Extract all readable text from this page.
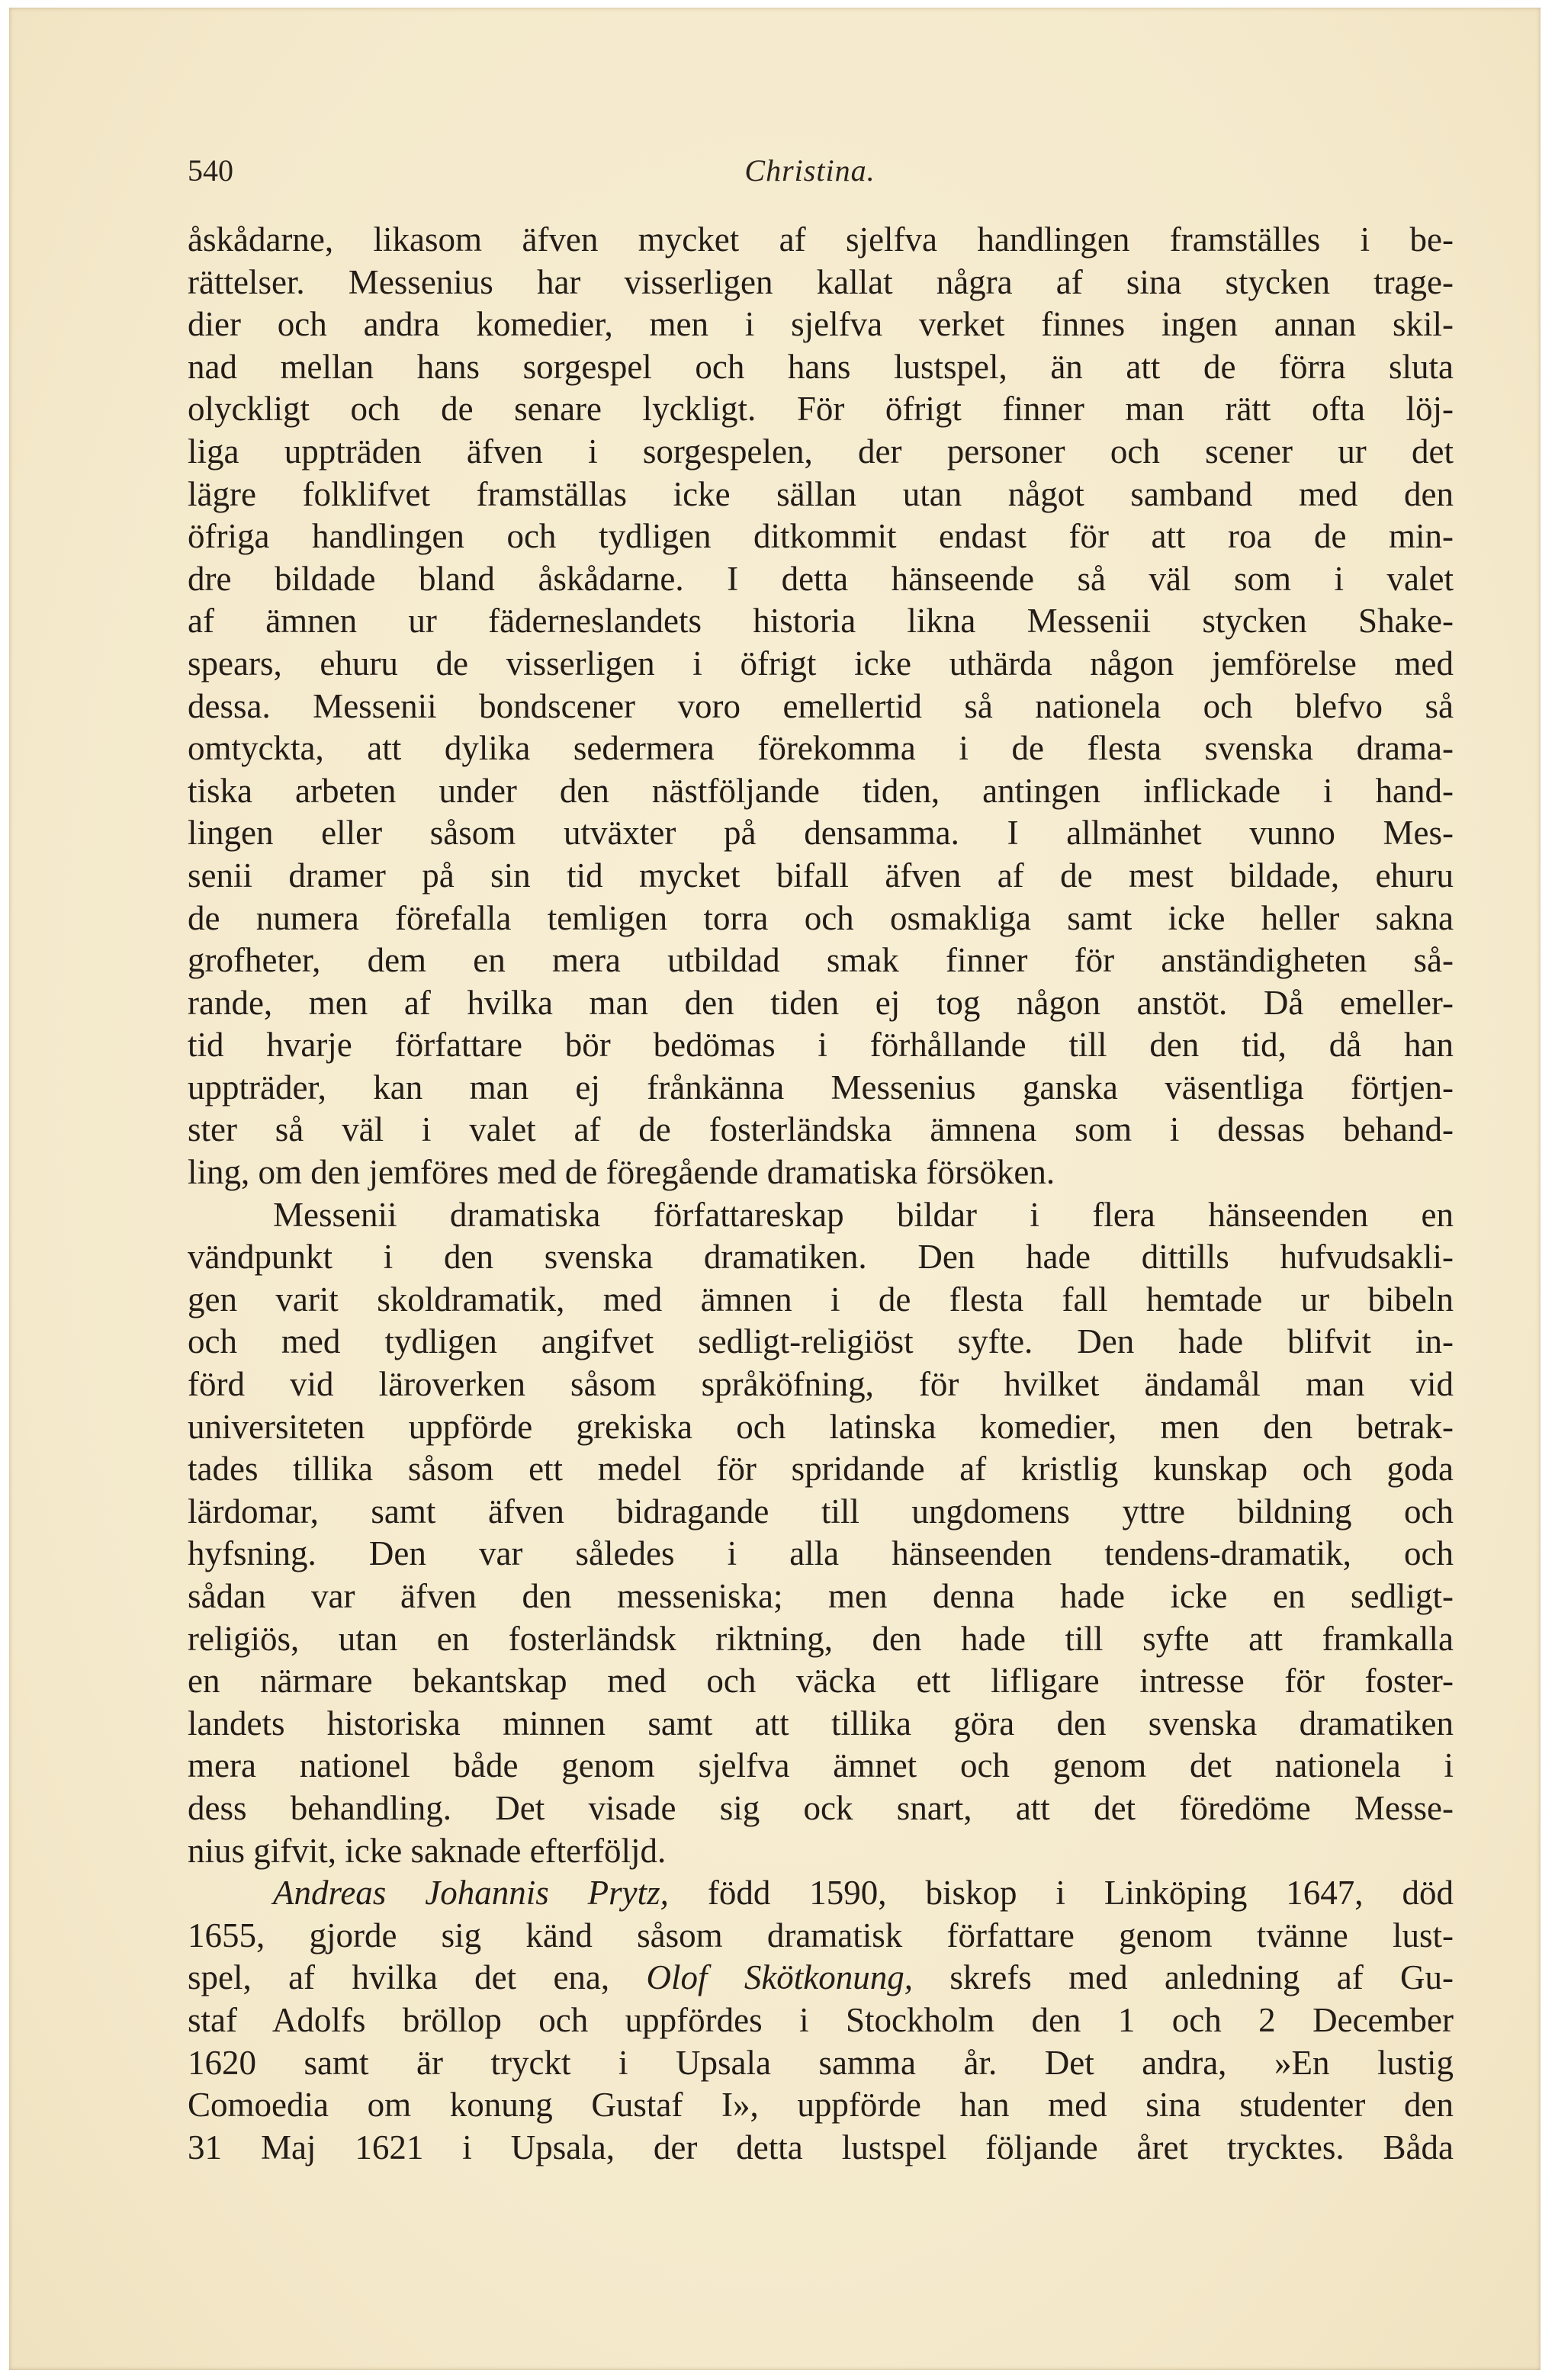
540	Christina.
åskådarne, likasom äfven mycket af sjelfva handlingen framställes i be-
rättelser. Messenius har visserligen kallat några af sina stycken trage-
dier och andra komedier, men i sjelfva verket finnes ingen annan skil-
nad mellan hans sorgespel och hans lustspel, än att de förra sluta
olyckligt och de senare lyckligt. För öfrigt finner man rätt ofta löj-
liga uppträden äfven i sorgespelen, der personer och scener ur det
lägre folklifvet framställas icke sällan utan något samband med den
öfriga handlingen och tydligen ditkommit endast för att roa de min-
dre bildade bland åskådarne. I detta hänseende så väl som i valet
af ämnen ur fäderneslandets historia likna Messenii stycken Shake-
spears, ehuru de visserligen i öfrigt icke uthärda någon jemförelse med
dessa. Messenii bondscener voro emellertid så nationela och blefvo så
omtyckta, att dylika sedermera förekomma i de flesta svenska drama-
tiska arbeten under den nästföljande tiden, antingen inflickade i hand-
lingen eller såsom utväxter på densamma. I allmänhet vunno Mes-
senii dramer på sin tid mycket bifall äfven af de mest bildade, ehuru
de numera förefalla temligen torra och osmakliga samt icke heller sakna
grofheter, dem en mera utbildad smak finner för anständigheten så-
rande, men af hvilka man den tiden ej tog någon anstöt. Då emeller-
tid hvarje författare bör bedömas i förhållande till den tid, då han
uppträder, kan man ej frånkänna Messenius ganska väsentliga förtjen-
ster så väl i valet af de fosterländska ämnena som i dessas behand-
ling, om den jemföres med de föregående dramatiska försöken.
Messenii dramatiska författareskap bildar i flera hänseenden en
vändpunkt i den svenska dramatiken. Den hade dittills hufvudsakli-
gen varit skoldramatik, med ämnen i de flesta fall hemtade ur bibeln
och med tydligen angifvet sedligt-religiöst syfte. Den hade blifvit in-
förd vid läroverken såsom språköfning, för hvilket ändamål man vid
universiteten uppförde grekiska och latinska komedier, men den betrak-
tades tillika såsom ett medel för spridande af kristlig kunskap och goda
lärdomar, samt äfven bidragande till ungdomens yttre bildning och
hyfsning. Den var således i alla hänseenden tendens-dramatik, och
sådan var äfven den messeniska; men denna hade icke en sedligt-
religiös, utan en fosterländsk riktning, den hade till syfte att framkalla
en närmare bekantskap med och väcka ett lifligare intresse för foster-
landets historiska minnen samt att tillika göra den svenska dramatiken
mera nationel både genom sjelfva ämnet och genom det nationela i
dess behandling. Det visade sig ock snart, att det föredöme Messe-
nius gifvit, icke saknade efterföljd.
Andreas Johannis Prytz, född 1590, biskop i Linköping 1647, död
1655, gjorde sig känd såsom dramatisk författare genom tvänne lust-
spel, af hvilka det ena, Olof Skötkonung, skrefs med anledning af Gu-
staf Adolfs bröllop och uppfördes i Stockholm den 1 och 2 December
1620 samt är tryckt i Upsala samma år. Det andra, »En lustig
Comoedia om konung Gustaf I», uppförde han med sina studenter den
31 Maj 1621 i Upsala, der detta lustspel följande året trycktes. Båda
